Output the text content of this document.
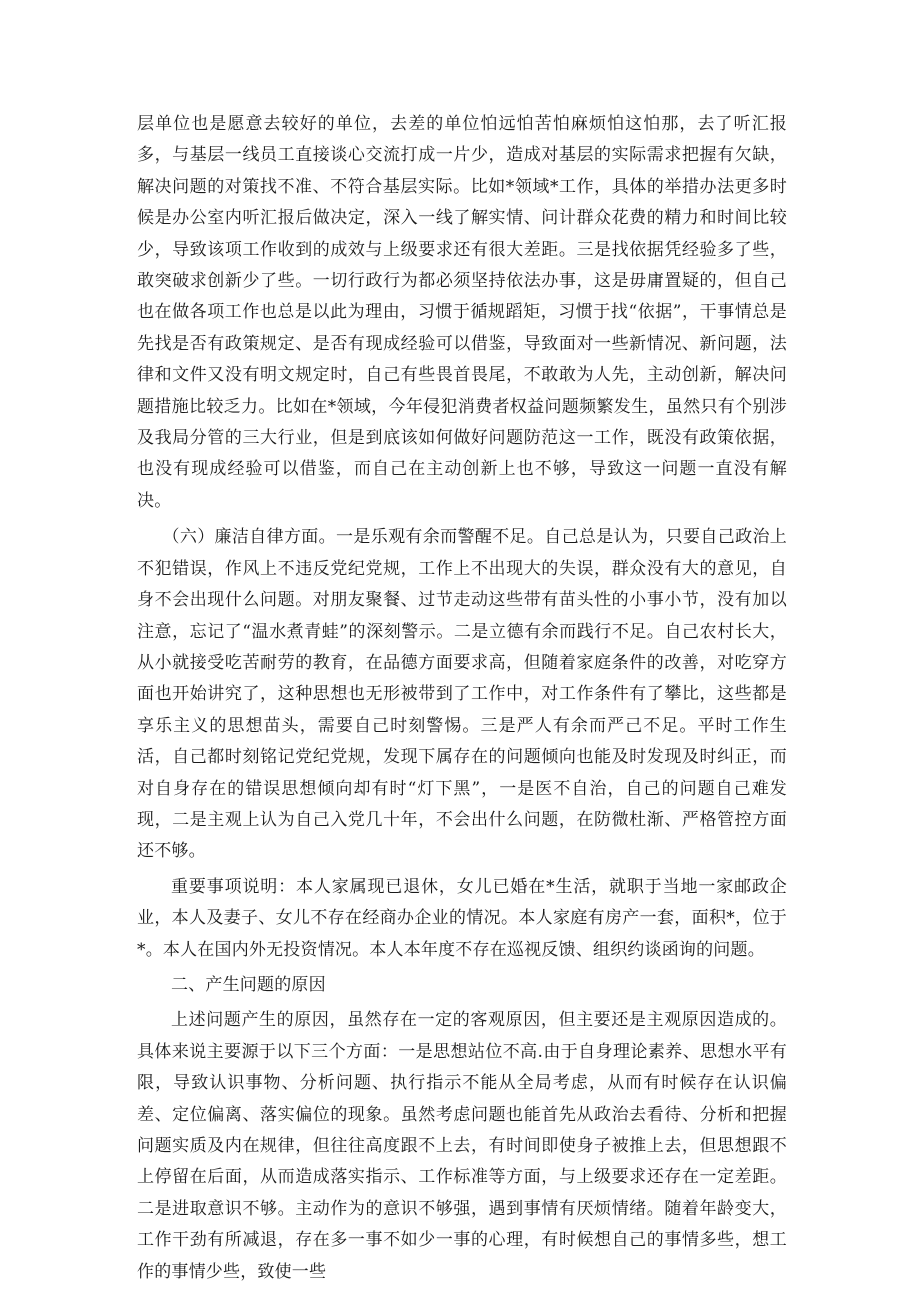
层单位也是愿意去较好的单位，去差的单位怕远怕苦怕麻烦怕这怕那，去了听汇报多，与基层一线员工直接谈心交流打成一片少，造成对基层的实际需求把握有欠缺，解决问题的对策找不准、不符合基层实际。比如*领域*工作，具体的举措办法更多时候是办公室内听汇报后做决定，深入一线了解实情、问计群众花费的精力和时间比较少，导致该项工作收到的成效与上级要求还有很大差距。三是找依据凭经验多了些，敢突破求创新少了些。一切行政行为都必须坚持依法办事，这是毋庸置疑的，但自己也在做各项工作也总是以此为理由，习惯于循规蹈矩，习惯于找“依据”，干事情总是先找是否有政策规定、是否有现成经验可以借鉴，导致面对一些新情况、新问题，法律和文件又没有明文规定时，自己有些畏首畏尾，不敢敢为人先，主动创新，解决问题措施比较乏力。比如在*领域，今年侵犯消费者权益问题频繁发生，虽然只有个别涉及我局分管的三大行业，但是到底该如何做好问题防范这一工作，既没有政策依据，也没有现成经验可以借鉴，而自己在主动创新上也不够，导致这一问题一直没有解决。

（六）廉洁自律方面。一是乐观有余而警醒不足。自己总是认为，只要自己政治上不犯错误，作风上不违反党纪党规，工作上不出现大的失误，群众没有大的意见，自身不会出现什么问题。对朋友聚餐、过节走动这些带有苗头性的小事小节，没有加以注意，忘记了“温水煮青蛙”的深刻警示。二是立德有余而践行不足。自己农村长大，从小就接受吃苦耐劳的教育，在品德方面要求高，但随着家庭条件的改善，对吃穿方面也开始讲究了，这种思想也无形被带到了工作中，对工作条件有了攀比，这些都是享乐主义的思想苗头，需要自己时刻警惕。三是严人有余而严己不足。平时工作生活，自己都时刻铭记党纪党规，发现下属存在的问题倾向也能及时发现及时纠正，而对自身存在的错误思想倾向却有时“灯下黑”，一是医不自治，自己的问题自己难发现，二是主观上认为自己入党几十年，不会出什么问题，在防微杜渐、严格管控方面还不够。

重要事项说明：本人家属现已退休，女儿已婚在*生活，就职于当地一家邮政企业，本人及妻子、女儿不存在经商办企业的情况。本人家庭有房产一套，面积*，位于*。本人在国内外无投资情况。本人本年度不存在巡视反馈、组织约谈函询的问题。

二、产生问题的原因

上述问题产生的原因，虽然存在一定的客观原因，但主要还是主观原因造成的。具体来说主要源于以下三个方面：一是思想站位不高.由于自身理论素养、思想水平有限，导致认识事物、分析问题、执行指示不能从全局考虑，从而有时候存在认识偏差、定位偏离、落实偏位的现象。虽然考虑问题也能首先从政治去看待、分析和把握问题实质及内在规律，但往往高度跟不上去，有时间即使身子被推上去，但思想跟不上停留在后面，从而造成落实指示、工作标准等方面，与上级要求还存在一定差距。二是进取意识不够。主动作为的意识不够强，遇到事情有厌烦情绪。随着年龄变大，工作干劲有所减退，存在多一事不如少一事的心理，有时候想自己的事情多些，想工作的事情少些，致使一些
